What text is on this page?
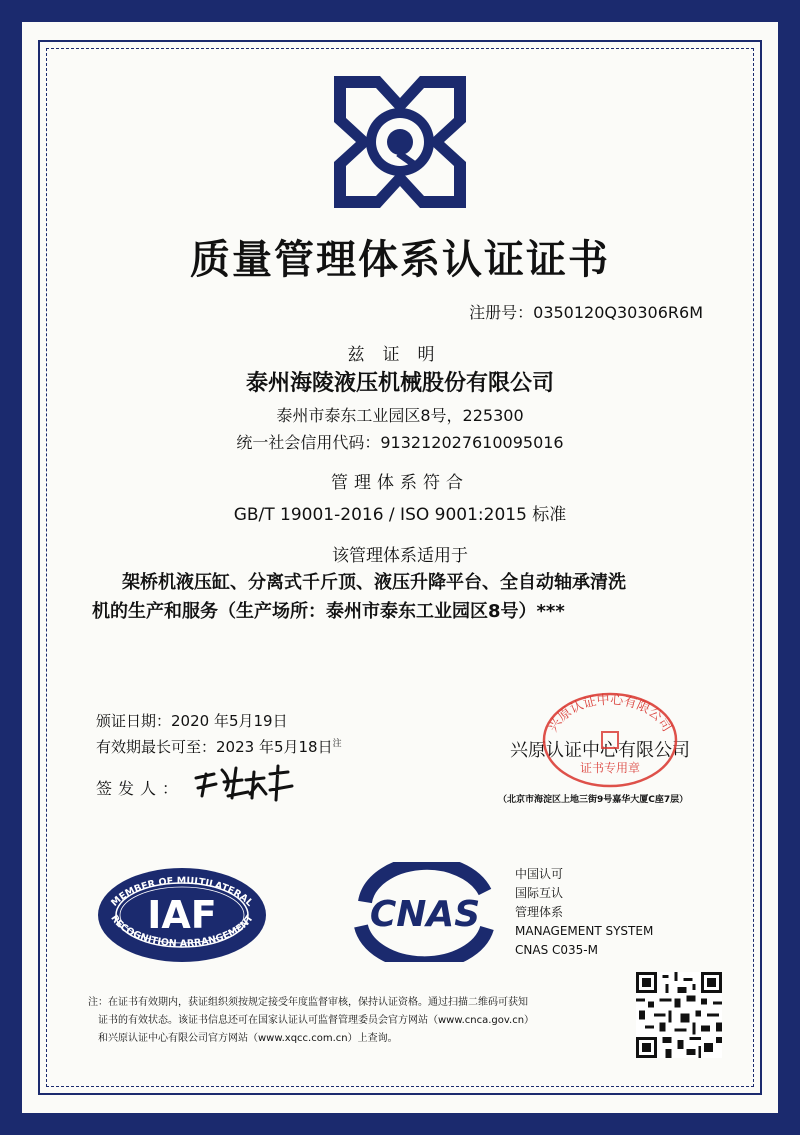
质量管理体系认证证书
注册号：0350120Q30306R6M
兹证明
泰州海陵液压机械股份有限公司
泰州市泰东工业园区8号，225300
统一社会信用代码：913212027610095016
管理体系符合
GB/T 19001-2016 / ISO 9001:2015 标准
该管理体系适用于
架桥机液压缸、分离式千斤顶、液压升降平台、全自动轴承清洗
机的生产和服务（生产场所：泰州市泰东工业园区8号）***
颁证日期：2020 年5月19日
有效期最长可至：2023 年5月18日$^注$
签发人：
兴原认证中心有限公司
兴原认证中心有限公司
证书专用章
（北京市海淀区上地三街9号嘉华大厦C座7层）
MEMBER OF MULTILATERAL
RECOGNITION ARRANGEMENT
IAF	CNAS
中国认可
国际互认
管理体系
MANAGEMENT SYSTEM
CNAS C035-M
注：在证书有效期内，获证组织须按规定接受年度监督审核，保持认证资格。通过扫描二维码可获知
证书的有效状态。该证书信息还可在国家认证认可监督管理委员会官方网站（www.cnca.gov.cn）
和兴原认证中心有限公司官方网站（www.xqcc.com.cn）上查询。
